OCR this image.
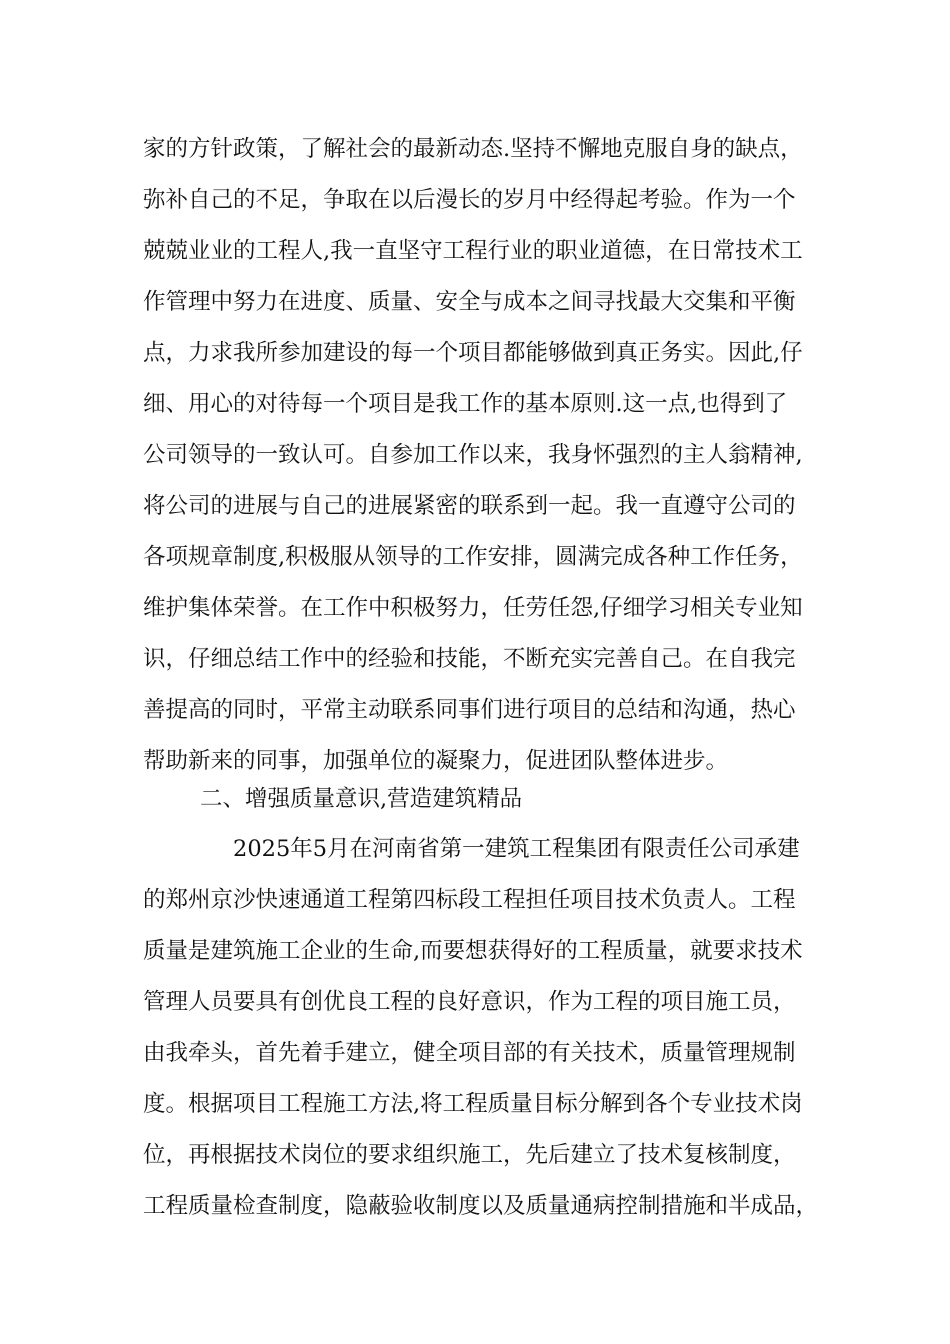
家的方针政策，了解社会的最新动态.坚持不懈地克服自身的缺点，
弥补自己的不足，争取在以后漫长的岁月中经得起考验。作为一个
兢兢业业的工程人,我一直坚守工程行业的职业道德，在日常技术工
作管理中努力在进度、质量、安全与成本之间寻找最大交集和平衡
点，力求我所参加建设的每一个项目都能够做到真正务实。因此,仔
细、用心的对待每一个项目是我工作的基本原则.这一点,也得到了
公司领导的一致认可。自参加工作以来，我身怀强烈的主人翁精神,
将公司的进展与自己的进展紧密的联系到一起。我一直遵守公司的
各项规章制度,积极服从领导的工作安排，圆满完成各种工作任务，
维护集体荣誉。在工作中积极努力，任劳任怨,仔细学习相关专业知
识，仔细总结工作中的经验和技能，不断充实完善自己。在自我完
善提高的同时，平常主动联系同事们进行项目的总结和沟通，热心
帮助新来的同事，加强单位的凝聚力，促进团队整体进步。
二、增强质量意识,营造建筑精品
2025年5月在河南省第一建筑工程集团有限责任公司承建
的郑州京沙快速通道工程第四标段工程担任项目技术负责人。工程
质量是建筑施工企业的生命,而要想获得好的工程质量，就要求技术
管理人员要具有创优良工程的良好意识，作为工程的项目施工员，
由我牵头，首先着手建立，健全项目部的有关技术，质量管理规制
度。根据项目工程施工方法,将工程质量目标分解到各个专业技术岗
位，再根据技术岗位的要求组织施工，先后建立了技术复核制度，
工程质量检查制度，隐蔽验收制度以及质量通病控制措施和半成品，
